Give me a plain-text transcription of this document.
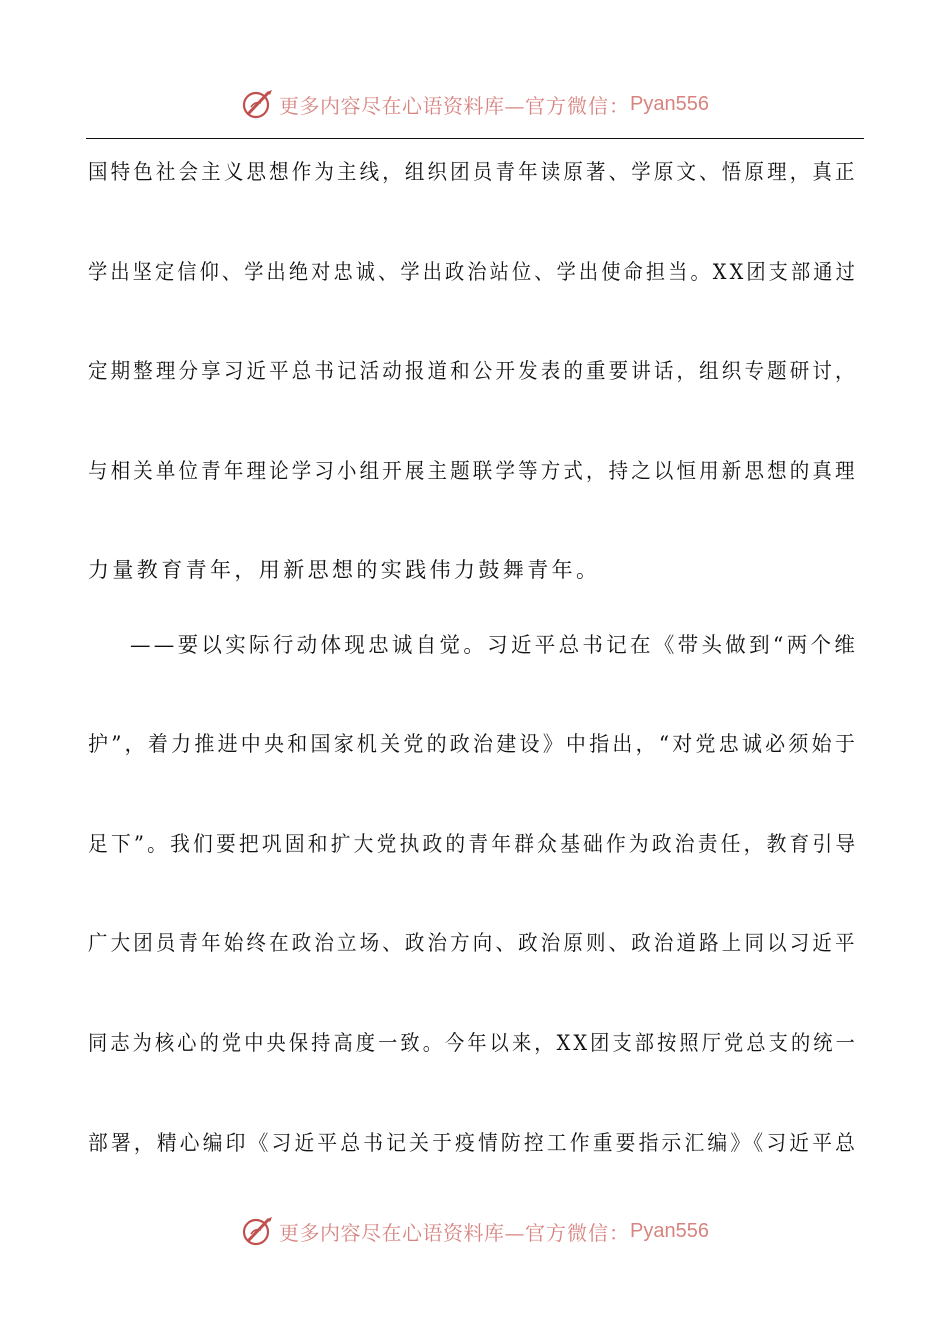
更多内容尽在心语资料库— 官方微信： Pyan556
国特色社会主义思想作为主线，组织团员青年读原著、学原文、悟原理，真正
学出坚定信仰、学出绝对忠诚、学出政治站位、学出使命担当。XX团支部通过
定期整理分享习近平总书记活动报道和公开发表的重要讲话，组织专题研讨，
与相关单位青年理论学习小组开展主题联学等方式，持之以恒用新思想的真理
力量教育青年，用新思想的实践伟力鼓舞青年。
——要以实际行动体现忠诚自觉。习近平总书记在《带头做到“两个维
护”，着力推进中央和国家机关党的政治建设》中指出，“对党忠诚必须始于
足下”。我们要把巩固和扩大党执政的青年群众基础作为政治责任，教育引导
广大团员青年始终在政治立场、政治方向、政治原则、政治道路上同以习近平
同志为核心的党中央保持高度一致。今年以来，XX团支部按照厅党总支的统一
部署，精心编印《习近平总书记关于疫情防控工作重要指示汇编》《习近平总
更多内容尽在心语资料库— 官方微信： Pyan556
